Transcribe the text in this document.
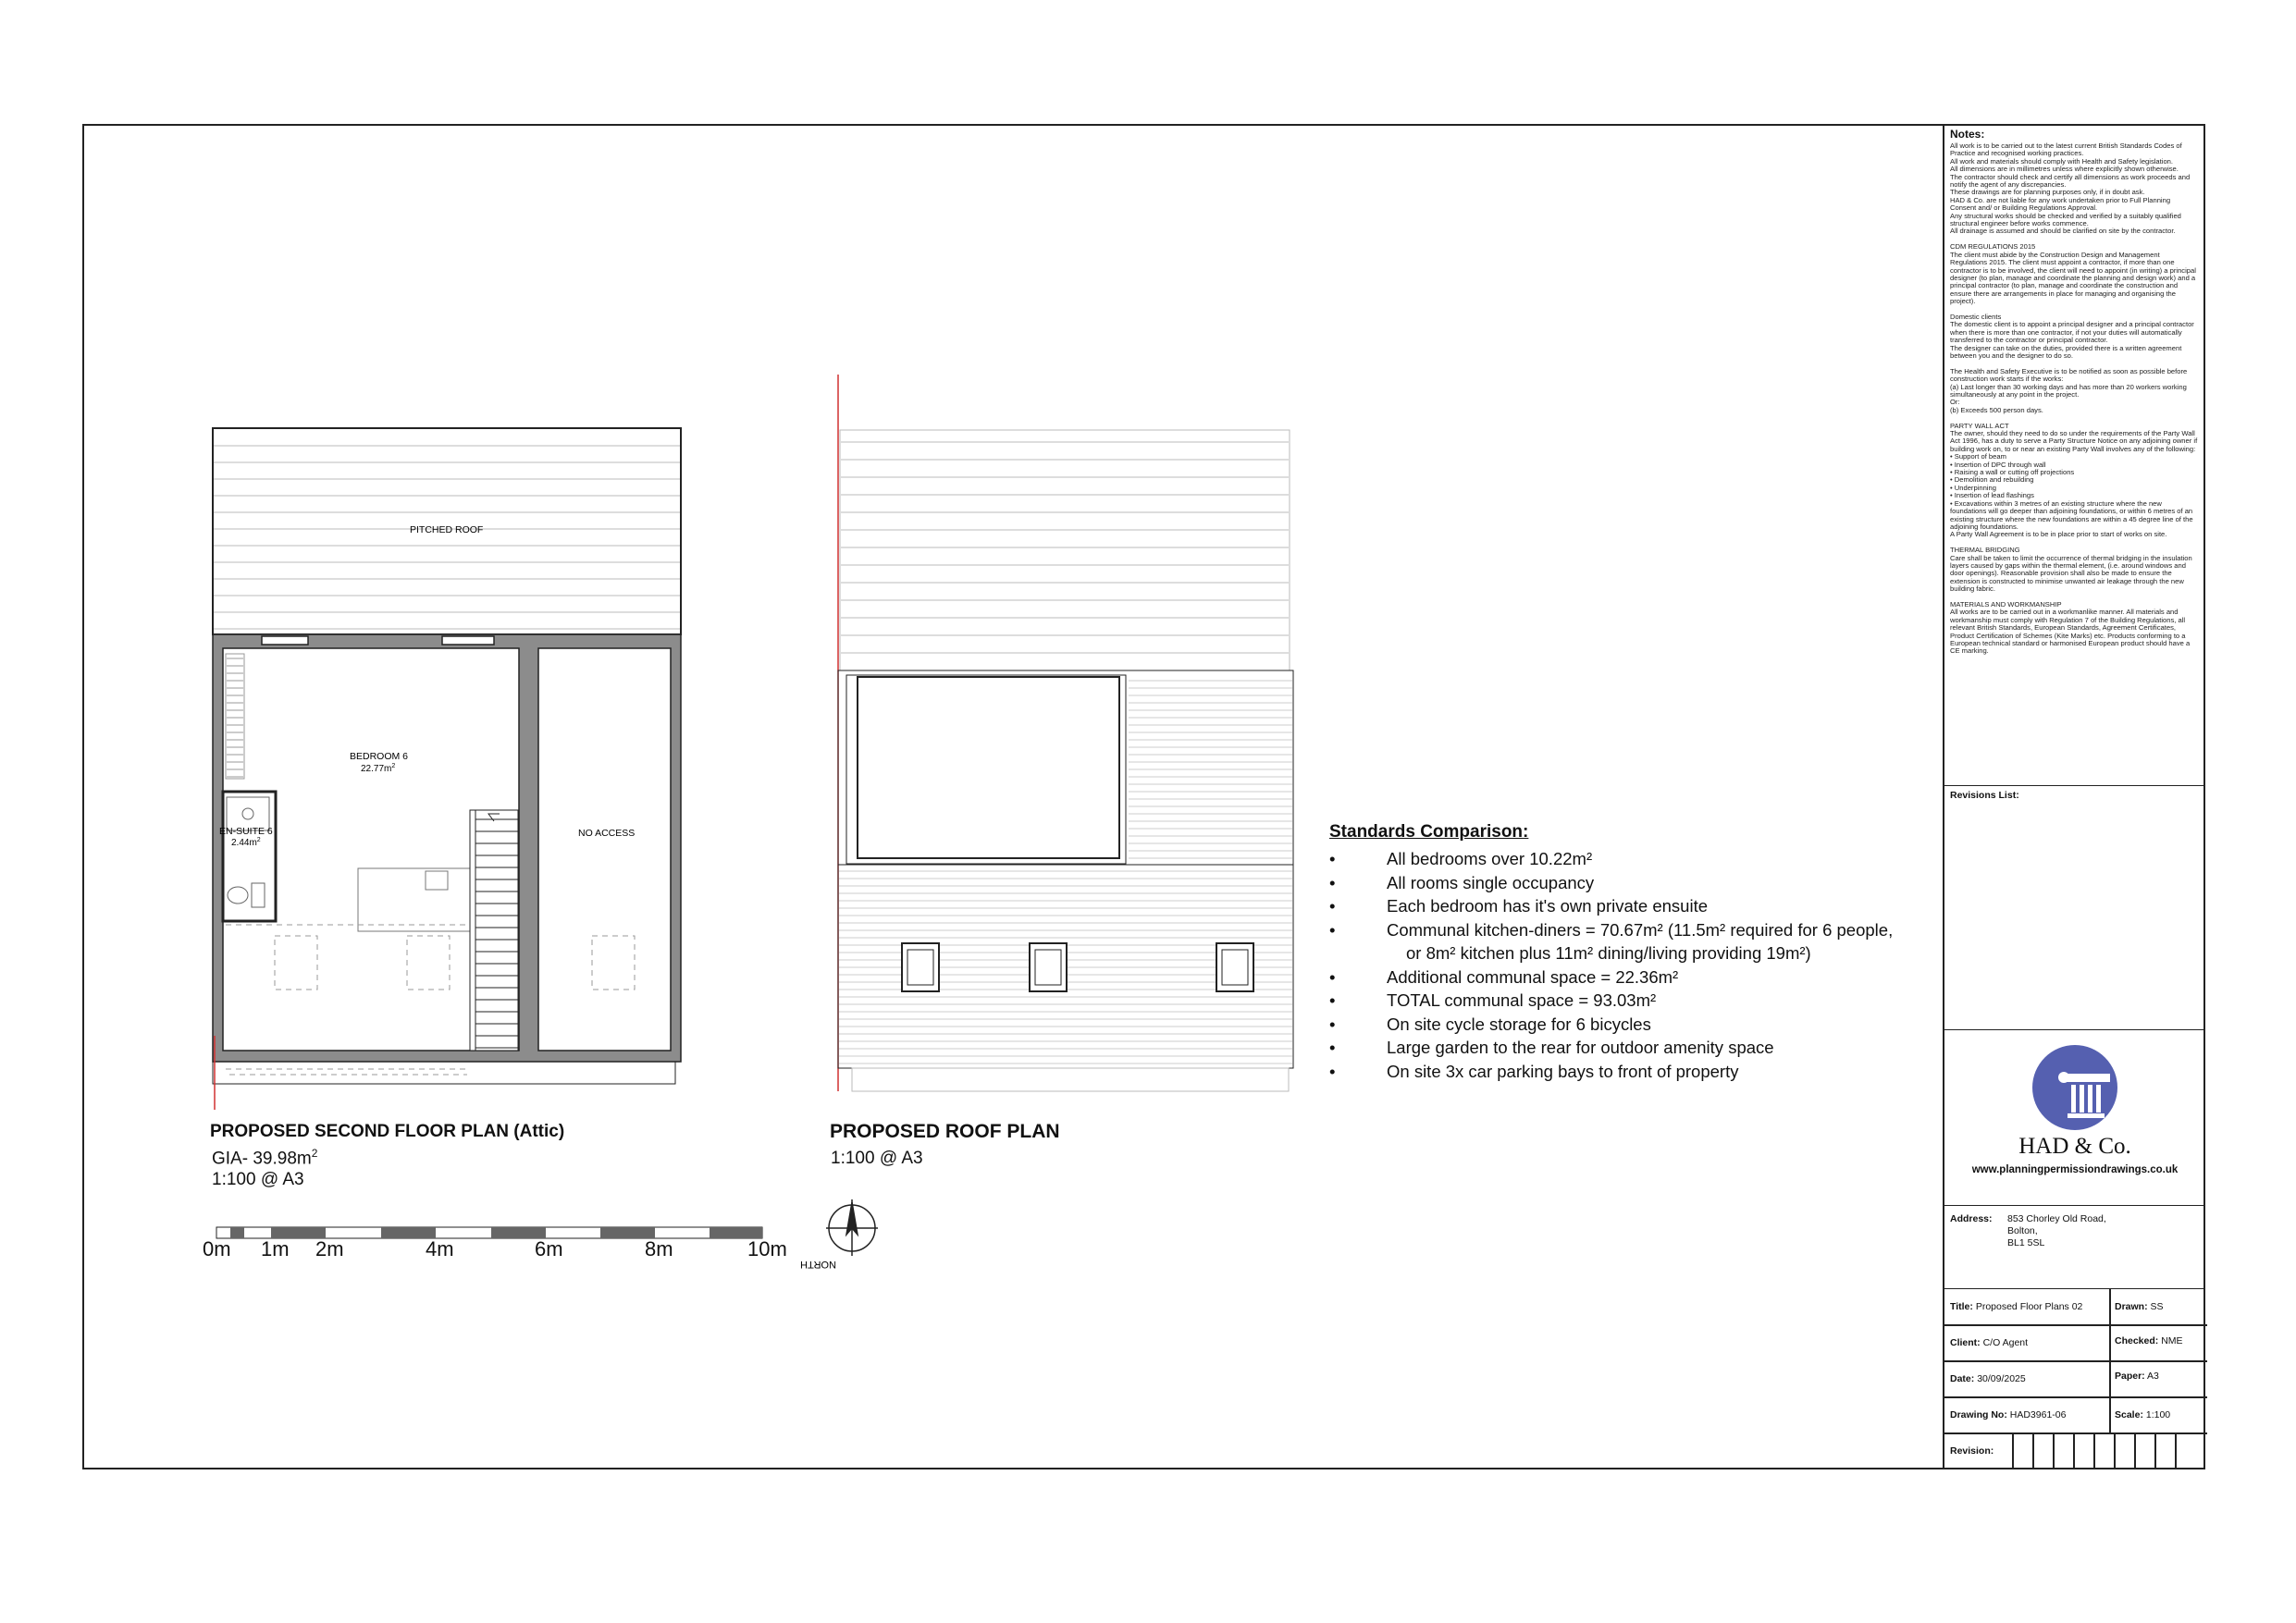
PITCHED ROOF
EN-SUITE 6
$2.44m^2$
BEDROOM 6
$22.77m^2$
NO ACCESS
NORTH
0m 1m 2m	4m	6m	8m	10m
PROPOSED SECOND FLOOR PLAN (Attic)
GIA- $39.98m^2$
1:100 @ A3
PROPOSED ROOF PLAN
1:100 @ A3
Standards Comparison:
• All bedrooms over 10.22m²
• All rooms single occupancy
• Each bedroom has it's own private ensuite
• Communal kitchen-diners = 70.67m² (11.5m² required for 6 people,
or 8m² kitchen plus 11m² dining/living providing 19m²)
• Additional communal space = 22.36m²
• TOTAL communal space = 93.03m²
• On site cycle storage for 6 bicycles
• Large garden to the rear for outdoor amenity space
• On site 3x car parking bays to front of property
Notes:
All work is to be carried out to the latest current British Standards Codes of Practice and recognised working practices.
All work and materials should comply with Health and Safety legislation.
All dimensions are in millimetres unless where explicitly shown otherwise.
The contractor should check and certify all dimensions as work proceeds and notify the agent of any discrepancies.
These drawings are for planning purposes only, if in doubt ask.
HAD & Co. are not liable for any work undertaken prior to Full Planning Consent and/ or Building Regulations Approval.
Any structural works should be checked and verified by a suitably qualified structural engineer before works commence.
All drainage is assumed and should be clarified on site by the contractor.

CDM REGULATIONS 2015
The client must abide by the Construction Design and Management Regulations 2015. The client must appoint a contractor, if more than one contractor is to be involved, the client will need to appoint (in writing) a principal designer (to plan, manage and coordinate the planning and design work) and a principal contractor (to plan, manage and coordinate the construction and ensure there are arrangements in place for managing and organising the project).

Domestic clients
The domestic client is to appoint a principal designer and a principal contractor when there is more than one contractor, if not your duties will automatically transferred to the contractor or principal contractor.
The designer can take on the duties, provided there is a written agreement between you and the designer to do so.

The Health and Safety Executive is to be notified as soon as possible before construction work starts if the works:
(a) Last longer than 30 working days and has more than 20 workers working simultaneously at any point in the project.
Or:
(b) Exceeds 500 person days.

PARTY WALL ACT
The owner, should they need to do so under the requirements of the Party Wall Act 1996, has a duty to serve a Party Structure Notice on any adjoining owner if building work on, to or near an existing Party Wall involves any of the following:
• Support of beam
• Insertion of DPC through wall
• Raising a wall or cutting off projections
• Demolition and rebuilding
• Underpinning
• Insertion of lead flashings
• Excavations within 3 metres of an existing structure where the new foundations will go deeper than adjoining foundations, or within 6 metres of an existing structure where the new foundations are within a 45 degree line of the adjoining foundations.
A Party Wall Agreement is to be in place prior to start of works on site.

THERMAL BRIDGING
Care shall be taken to limit the occurrence of thermal bridging in the insulation layers caused by gaps within the thermal element, (i.e. around windows and door openings). Reasonable provision shall also be made to ensure the extension is constructed to minimise unwanted air leakage through the new building fabric.

MATERIALS AND WORKMANSHIP
All works are to be carried out in a workmanlike manner. All materials and workmanship must comply with Regulation 7 of the Building Regulations, all relevant British Standards, European Standards, Agreement Certificates, Product Certification of Schemes (Kite Marks) etc. Products conforming to a European technical standard or harmonised European product should have a CE marking.
Revisions List:
HAD & Co.
www.planningpermissiondrawings.co.uk
Address: 853 Chorley Old Road,
Bolton,
BL1 5SL
Title: Proposed Floor Plans 02	Drawn: SS
Client: C/O Agent	Checked: NME
Date: 30/09/2025	Paper: A3
Drawing No: HAD3961-06	Scale: 1:100
Revision:
